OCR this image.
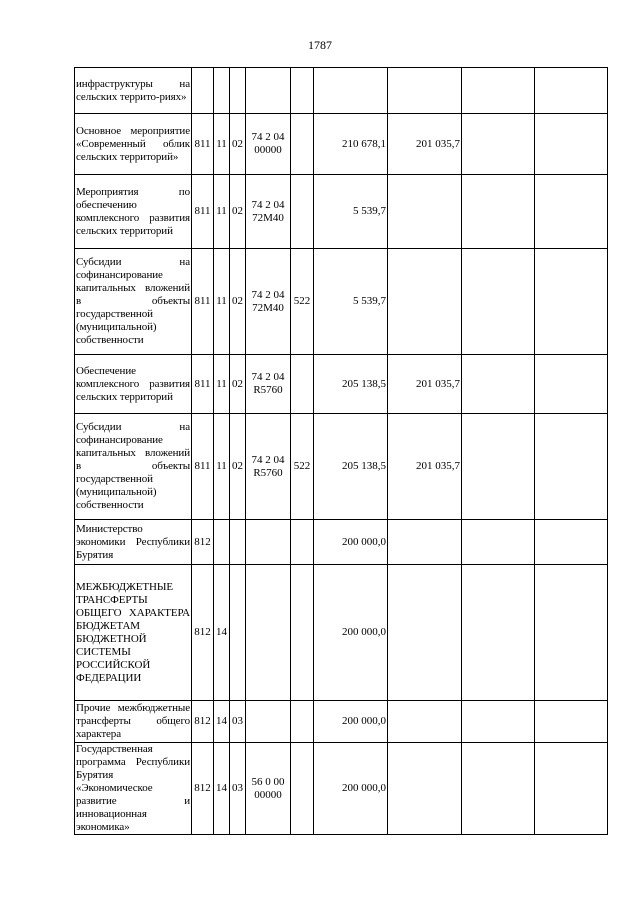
1787
инфраструктуры на сельских террито-риях»									
Основное мероприятие «Современный облик сельских территорий»	811	11	02	74 2 04 00000		210 678,1	201 035,7		
Мероприятия по обеспечению комплексного развития сельских территорий	811	11	02	74 2 04 72М40		5 539,7			
Субсидии на софинансирование капитальных вложений в объекты государственной (муниципальной) собственности	811	11	02	74 2 04 72М40	522	5 539,7			
Обеспечение комплексного развития сельских территорий	811	11	02	74 2 04 R5760		205 138,5	201 035,7		
Субсидии на софинансирование капитальных вложений в объекты государственной (муниципальной) собственности	811	11	02	74 2 04 R5760	522	205 138,5	201 035,7		
Министерство экономики Республики Бурятия	812					200 000,0			
МЕЖБЮДЖЕТНЫЕ ТРАНСФЕРТЫ ОБЩЕГО ХАРАКТЕРА БЮДЖЕТАМ БЮДЖЕТНОЙ СИСТЕМЫ РОССИЙСКОЙ ФЕДЕРАЦИИ	812	14				200 000,0			
Прочие межбюджетные трансферты общего характера	812	14	03			200 000,0			
Государственная программа Республики Бурятия «Экономическое развитие и инновационная экономика»	812	14	03	56 0 00 00000		200 000,0			
